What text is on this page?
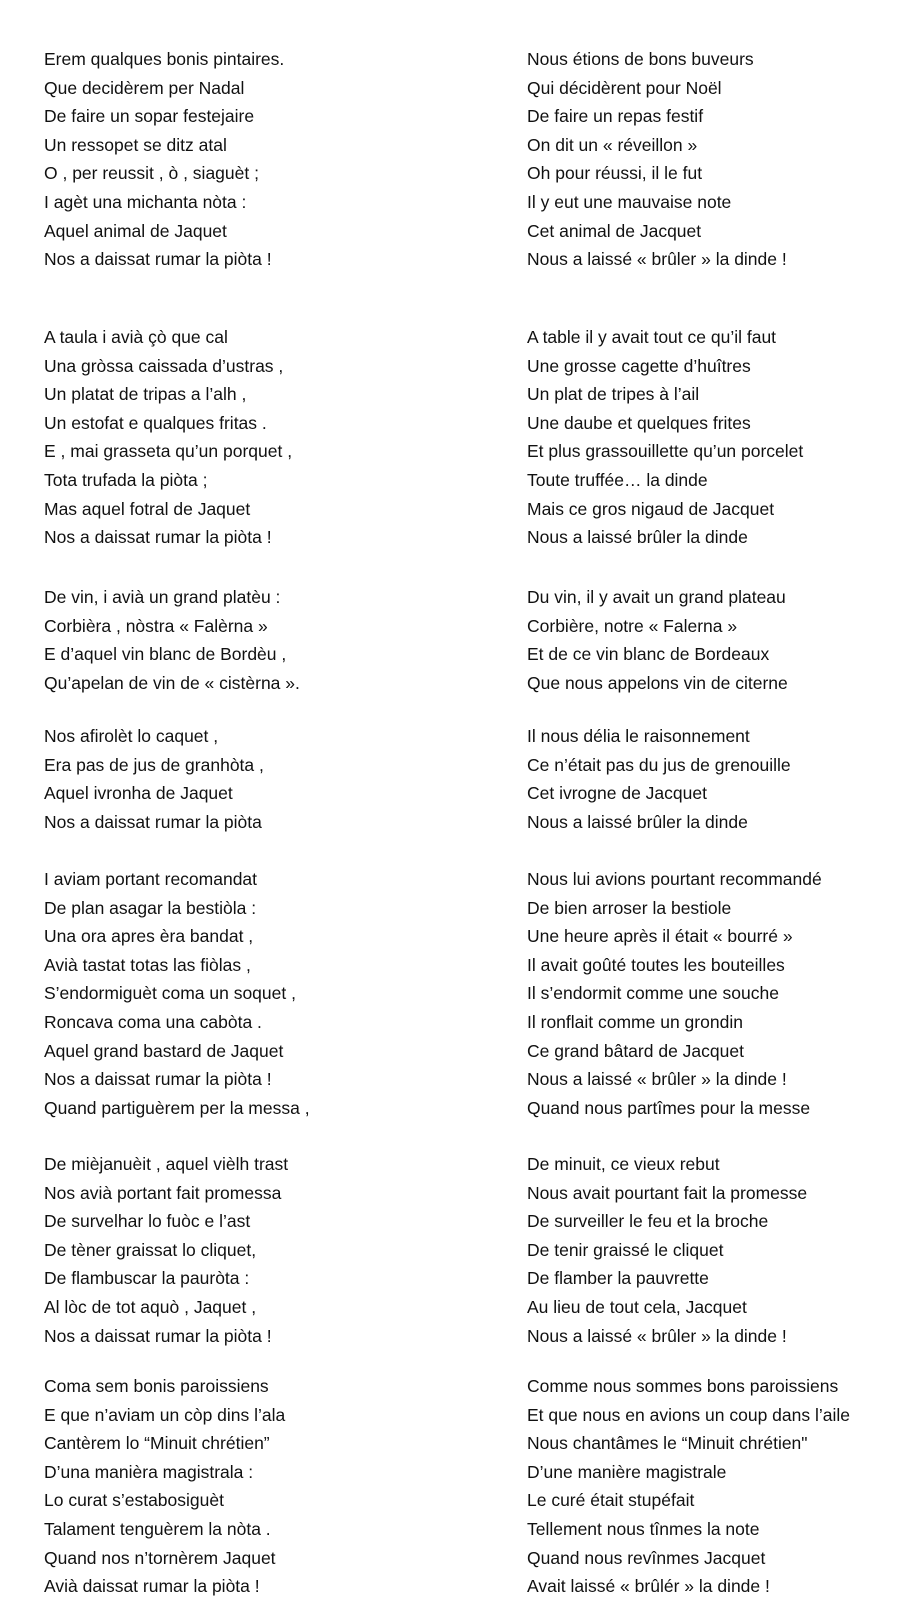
Erem qualques bonis pintaires.
Que decidèrem per Nadal
De faire un sopar festejaire
Un ressopet se ditz atal
O , per reussit , ò , siaguèt ;
I agèt una michanta nòta :
Aquel animal de Jaquet
Nos a daissat rumar la piòta !
A taula i avià çò que cal
Una gròssa caissada d’ustras ,
Un platat de tripas a l’alh ,
Un estofat e qualques fritas .
E , mai grasseta qu’un porquet ,
Tota trufada la piòta ;
Mas aquel fotral de Jaquet
Nos a daissat rumar la piòta !
De vin, i avià un grand platèu :
Corbièra , nòstra « Falèrna »
E d’aquel vin blanc de Bordèu ,
Qu’apelan de vin de « cistèrna ».
Nos afirolèt lo caquet ,
Era pas de jus de granhòta ,
Aquel ivronha de Jaquet
Nos a daissat rumar la piòta
I aviam portant recomandat
De plan asagar la bestiòla :
Una ora apres èra bandat ,
Avià tastat totas las fiòlas ,
S’endormiguèt coma un soquet ,
Roncava coma una cabòta .
Aquel grand bastard de Jaquet
Nos a daissat rumar la piòta !
Quand partiguèrem per la messa ,
De mièjanuèit , aquel vièlh trast
Nos avià portant fait promessa
De survelhar lo fuòc e l’ast
De tèner graissat lo cliquet,
De flambuscar la pauròta :
Al lòc de tot aquò , Jaquet ,
Nos a daissat rumar la piòta !
Coma sem bonis paroissiens
E que n’aviam un còp dins l’ala
Cantèrem lo “Minuit chrétien”
D’una manièra magistrala :
Lo curat s’estabosiguèt
Talament tenguèrem la nòta .
Quand nos n’tornèrem Jaquet
Avià daissat rumar la piòta !
Nous étions de bons buveurs
Qui décidèrent pour Noël
De faire un repas festif
On dit un « réveillon »
Oh pour réussi, il le fut
Il y eut une mauvaise note
Cet animal de Jacquet
Nous a laissé « brûler » la dinde !
A table il y avait tout ce qu’il faut
Une grosse cagette d’huîtres
Un plat de tripes à l’ail
Une daube et quelques frites
Et plus grassouillette qu’un porcelet
Toute truffée… la dinde
Mais ce gros nigaud de Jacquet
Nous a laissé brûler la dinde
Du vin, il y avait un grand plateau
Corbière, notre « Falerna »
Et de ce vin blanc de Bordeaux
Que nous appelons vin de citerne
Il nous délia le raisonnement
Ce n’était pas du jus de grenouille
Cet ivrogne de Jacquet
Nous a laissé brûler la dinde
Nous lui avions pourtant recommandé
De bien arroser la bestiole
Une heure après il était « bourré »
Il avait goûté toutes les bouteilles
Il s’endormit comme une souche
Il ronflait comme un grondin
Ce grand bâtard de Jacquet
Nous a laissé « brûler » la dinde !
Quand nous partîmes pour la messe
De minuit, ce vieux rebut
Nous avait pourtant fait la promesse
De surveiller le feu et la broche
De tenir graissé le cliquet
De flamber la pauvrette
Au lieu de tout cela, Jacquet
Nous a laissé « brûler » la dinde !
Comme nous sommes bons paroissiens
Et que nous en avions un coup dans l’aile
Nous chantâmes le “Minuit chrétien"
D’une manière magistrale
Le curé était stupéfait
Tellement nous tînmes la note
Quand nous revînmes Jacquet
Avait laissé « brûlér » la dinde !
